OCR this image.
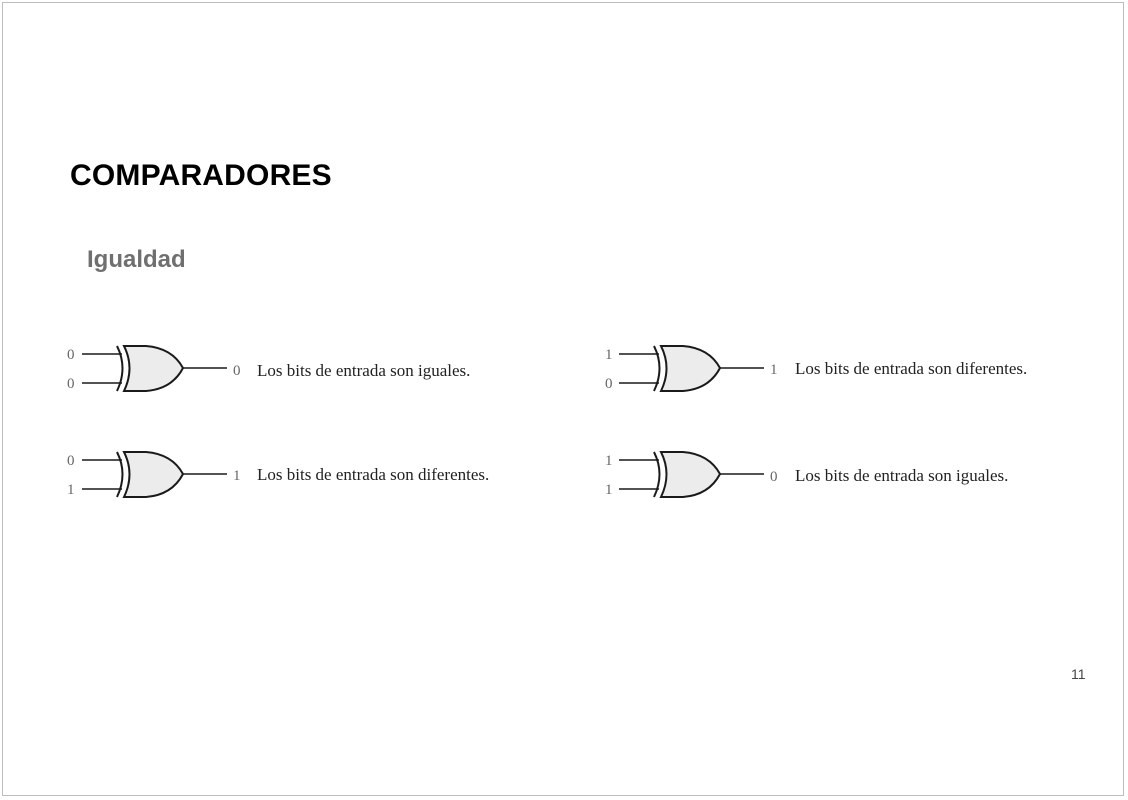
COMPARADORES
Igualdad
11
0
0
0 Los bits de entrada son iguales.
1
0
1 Los bits de entrada son diferentes.
0
1
1 Los bits de entrada son diferentes.
1
1
0 Los bits de entrada son iguales.
